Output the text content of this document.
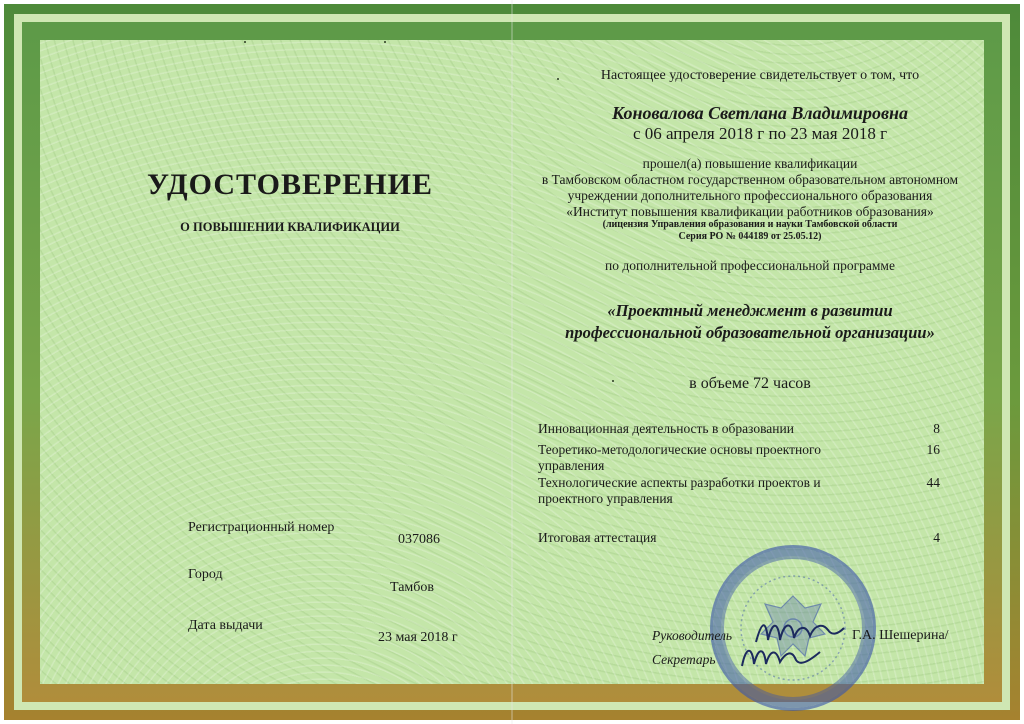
УДОСТОВЕРЕНИЕ
О ПОВЫШЕНИИ КВАЛИФИКАЦИИ
Регистрационный номер
037086
Город
Тамбов
Дата выдачи
23 мая 2018 г
Настоящее удостоверение свидетельствует о том, что
Коновалова Светлана Владимировна
с 06 апреля 2018 г по 23 мая 2018 г
прошел(а) повышение квалификации
в Тамбовском областном государственном образовательном автономном
учреждении дополнительного профессионального образования
«Институт повышения квалификации работников образования»
(лицензия Управления образования и науки Тамбовской области
Серия РО № 044189 от 25.05.12)
по дополнительной профессиональной программе
«Проектный менеджмент в развитии
профессиональной образовательной организации»
в объеме 72 часов
Инновационная деятельность в образовании	8
Теоретико-методологические основы проектного управления
16
Технологические аспекты разработки проектов и проектного управления
44
Итоговая аттестация	4
Руководитель
Секретарь
Г.А. Шешерина/
